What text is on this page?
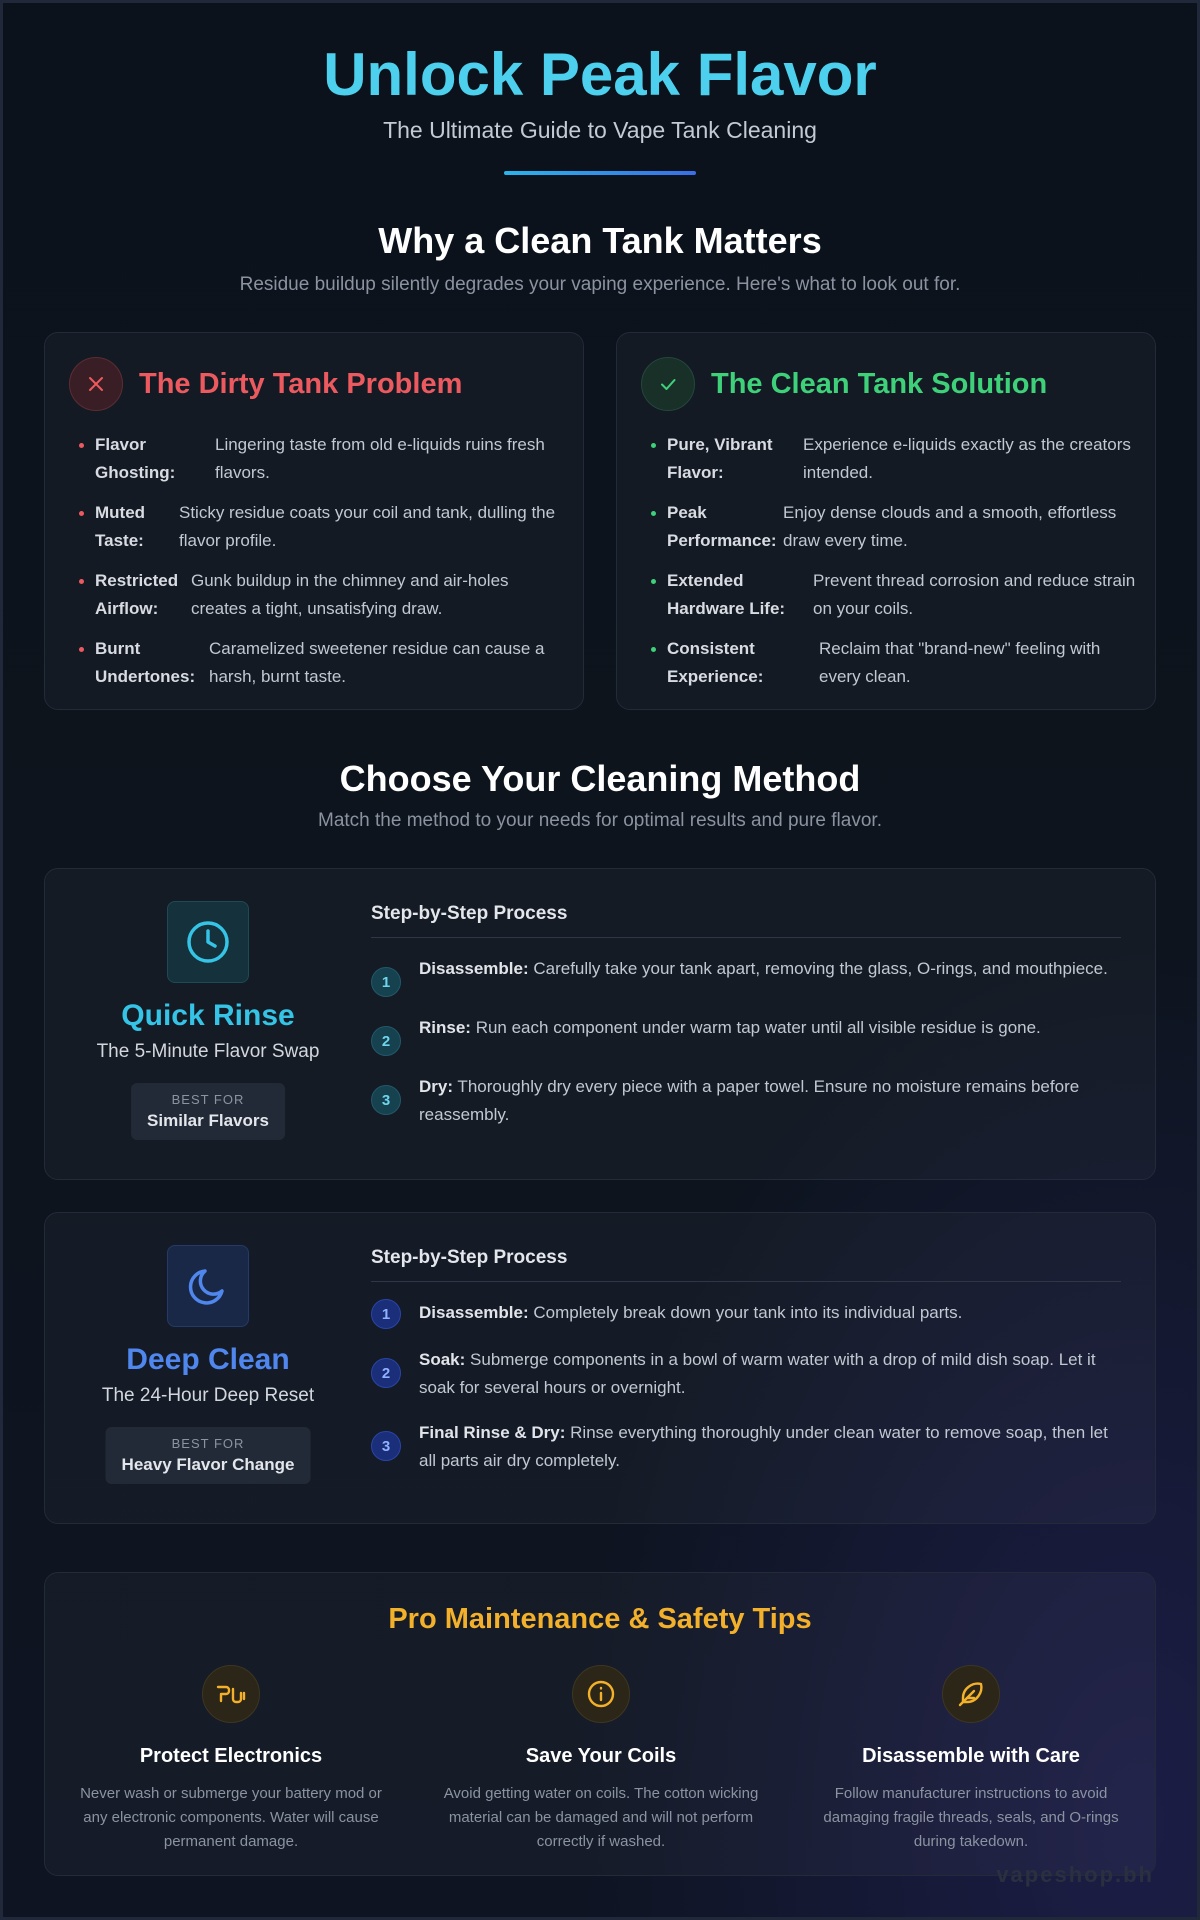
Unlock Peak Flavor

The Ultimate Guide to Vape Tank Cleaning

Why a Clean Tank Matters

Residue buildup silently degrades your vaping experience. Here's what to look out for.

The Dirty Tank Problem
Flavor Ghosting:
Lingering taste from old e-liquids ruins fresh flavors.
Muted Taste:
Sticky residue coats your coil and tank, dulling the flavor profile.
Restricted Airflow:
Gunk buildup in the chimney and air-holes creates a tight, unsatisfying draw.
Burnt Undertones:
Caramelized sweetener residue can cause a harsh, burnt taste.
The Clean Tank Solution
Pure, Vibrant Flavor:
Experience e-liquids exactly as the creators intended.
Peak Performance:
Enjoy dense clouds and a smooth, effortless draw every time.
Extended Hardware Life:
Prevent thread corrosion and reduce strain on your coils.
Consistent Experience:
Reclaim that "brand-new" feeling with every clean.
Choose Your Cleaning Method

Match the method to your needs for optimal results and pure flavor.

Quick Rinse
The 5-Minute Flavor Swap
BEST FOR
Similar Flavors
Step-by-Step Process
1
Disassemble: Carefully take your tank apart, removing the glass, O-rings, and mouthpiece.
2
Rinse: Run each component under warm tap water until all visible residue is gone.
3
Dry: Thoroughly dry every piece with a paper towel. Ensure no moisture remains before reassembly.
Deep Clean
The 24-Hour Deep Reset
BEST FOR
Heavy Flavor Change
Step-by-Step Process
1	Disassemble: Completely break down your tank into its individual parts.
2
Soak: Submerge components in a bowl of warm water with a drop of mild dish soap. Let it soak for several hours or overnight.
3
Final Rinse & Dry: Rinse everything thoroughly under clean water to remove soap, then let all parts air dry completely.
Pro Maintenance & Safety Tips
Protect Electronics
Never wash or submerge your battery mod or any electronic components. Water will cause permanent damage.
Save Your Coils
Avoid getting water on coils. The cotton wicking material can be damaged and will not perform correctly if washed.
Disassemble with Care
Follow manufacturer instructions to avoid damaging fragile threads, seals, and O-rings during takedown.
vapeshop.bh
